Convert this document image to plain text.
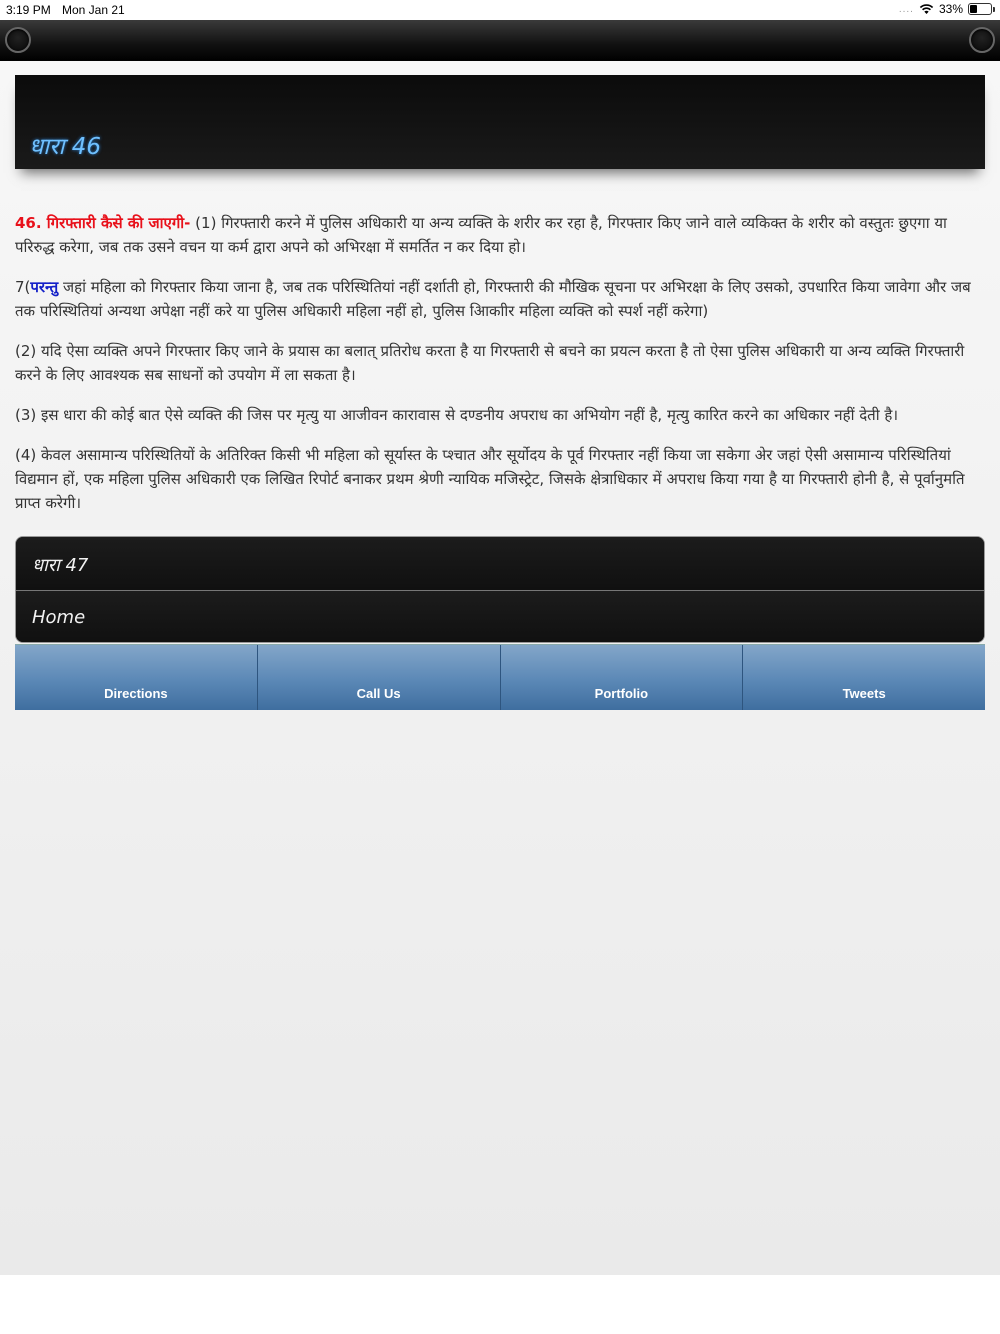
3:19 PM Mon Jan 21	.... 33%
धारा 46

46. गिरफ्तारी कैसे की जाएगी- (1) गिरफ्तारी करने में पुलिस अधिकारी या अन्य व्यक्ति के शरीर कर रहा है, गिरफ्तार किए जाने वाले व्यकिक्त के शरीर को वस्तुतः छुएगा या परिरुद्ध करेगा, जब तक उसने वचन या कर्म द्वारा अपने को अभिरक्षा में समर्तित न कर दिया हो।

7(परन्तु जहां महिला को गिरफ्तार किया जाना है, जब तक परिस्थितियां नहीं दर्शाती हो, गिरफ्तारी की मौखिक सूचना पर अभिरक्षा के लिए उसको, उपधारित किया जावेगा और जब तक परिस्थितियां अन्यथा अपेक्षा नहीं करे या पुलिस अधिकारी महिला नहीं हो, पुलिस आिकाीर महिला व्यक्ति को स्पर्श नहीं करेगा)

(2) यदि ऐसा व्यक्ति अपने गिरफ्तार किए जाने के प्रयास का बलात् प्रतिरोध करता है या गिरफ्तारी से बचने का प्रयत्न करता है तो ऐसा पुलिस अधिकारी या अन्य व्यक्ति गिरफ्तारी करने के लिए आवश्यक सब साधनों को उपयोग में ला सकता है।

(3) इस धारा की कोई बात ऐसे व्यक्ति की जिस पर मृत्यु या आजीवन कारावास से दण्डनीय अपराध का अभियोग नहीं है, मृत्यु कारित करने का अधिकार नहीं देती है।

(4) केवल असामान्य परिस्थितियों के अतिरिक्त किसी भी महिला को सूर्यास्त के प्श्चात और सूर्योदय के पूर्व गिरफ्तार नहीं किया जा सकेगा अेर जहां ऐसी असामान्य परिस्थितियां विद्यमान हों, एक महिला पुलिस अधिकारी एक लिखित रिपोर्ट बनाकर प्रथम श्रेणी न्यायिक मजिस्ट्रेट, जिसके क्षेत्राधिकार में अपराध किया गया है या गिरफ्तारी होनी है, से पूर्वानुमति प्राप्त करेगी।

धारा 47
Home
Directions	Call Us	Portfolio	Tweets
